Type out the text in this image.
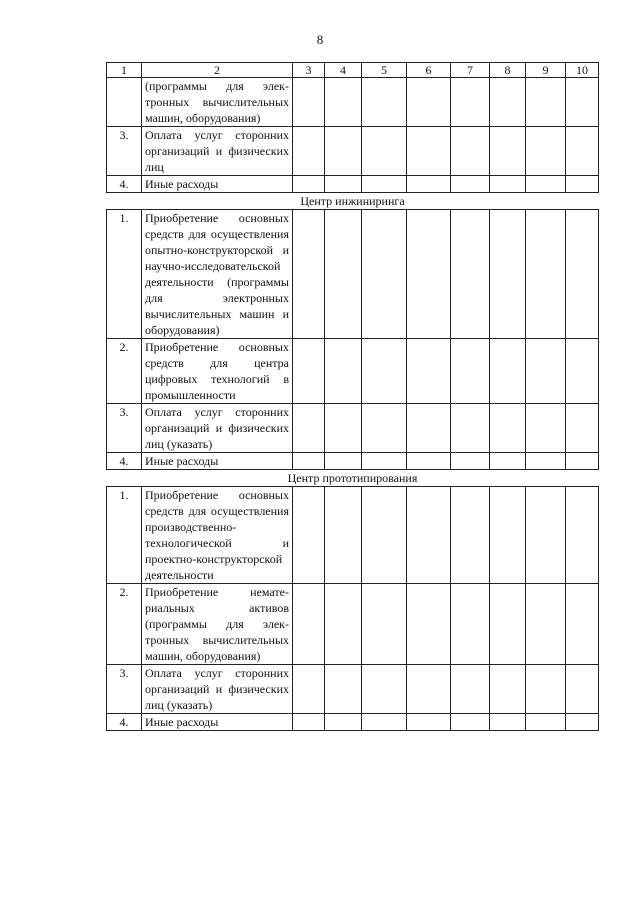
8
1	2	3	4	5	6	7	8	9	10
	(программы для электронных вычислительных машин, оборудования)								
3.	Оплата услуг сторонних организаций и физических лиц								
4.	Иные расходы								
Центр инжиниринга									
1.	Приобретение основных средств для осуществления опытно-конструкторской и научно-исследовательской деятельности (программы для электронных вычислительных машин и оборудования)								
2.	Приобретение основных средств для центра цифровых технологий в промышленности								
3.	Оплата услуг сторонних организаций и физических лиц (указать)								
4.	Иные расходы								
Центр прототипирования									
1.	Приобретение основных средств для осуществления производственно-технологической и проектно-конструкторской деятельности								
2.	Приобретение нематериальных активов (программы для электронных вычислительных машин, оборудования)								
3.	Оплата услуг сторонних организаций и физических лиц (указать)								
4.	Иные расходы								
